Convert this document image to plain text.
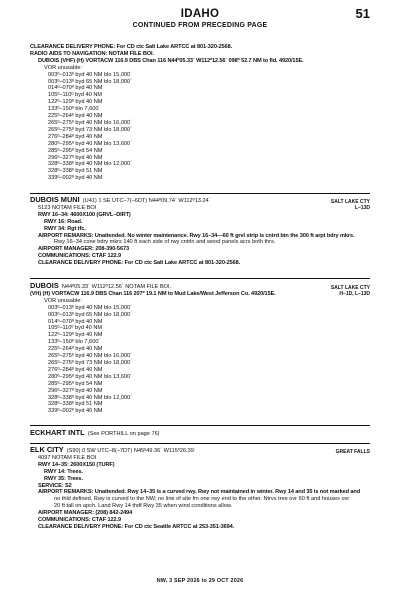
IDAHO	51
CONTINUED FROM PRECEDING PAGE
CLEARANCE DELIVERY PHONE: For CD ctc Salt Lake ARTCC at 801-320-2568.
RADIO AIDS TO NAVIGATION: NOTAM FILE BOI.
DUBOIS (VHF) (H) VORTACW 116.9 DBS Chan 116 N44º05.33´ W112º12.56´ 098º 52.7 NM to fld. 4920/15E.
VOR unusable:
003º–013º byd 40 NM blo 15,000´
003º–013º byd 65 NM blo 18,000´
014º–070º byd 40 NM
105º–110º byd 40 NM
122º–129º byd 40 NM
133º–150º blo 7,600´
225º–264º byd 40 NM
265º–275º byd 40 NM blo 16,000´
265º–275º byd 73 NM blo 18,000´
276º–284º byd 40 NM
280º–295º byd 40 NM blo 13,600´
285º–295º byd 54 NM
296º–327º byd 40 NM
328º–338º byd 40 NM blo 12,000´
328º–338º byd 51 NM
339º–002º byd 40 NM
DUBOIS MUNI (U41) 1 SE UTC–7(–6DT) N44º09.74´ W112º13.24´
5123 NOTAM FILE BOI
RWY 16–34: 4600X100 (GRVL–DIRT)
RWY 16: Road.
RWY 34: Rgt tfc.
AIRPORT REMARKS: Unattended. No winter maintenance. Rwy 16–34—60 ft grvl strip is cntrd btn the 300 ft arpt bdry mkrs.
Rwy 16–34 cone bdry mkrs 140 ft each side of rwy cntrln and wood panels acrs both thrs.
AIRPORT MANAGER: 208-390-5673
COMMUNICATIONS: CTAF 122.9
CLEARANCE DELIVERY PHONE: For CD ctc Salt Lake ARTCC at 801-320-2568.
SALT LAKE CTY
L–13D
DUBOIS N44º05.33´ W112º12.56´ NOTAM FILE BOI.
(VH) (H) VORTACW 116.9 DBS Chan 116 207º 19.1 NM to Mud Lake/West Jefferson Co. 4920/15E.
VOR unusable:
003º–013º byd 40 NM blo 15,000´
003º–013º byd 65 NM blo 18,000´
014º–070º byd 40 NM
105º–110º byd 40 NM
122º–129º byd 40 NM
133º–150º blo 7,600´
225º–264º byd 40 NM
265º–275º byd 40 NM blo 16,000´
265º–275º byd 73 NM blo 18,000´
276º–284º byd 40 NM
280º–295º byd 40 NM blo 13,600´
285º–295º byd 54 NM
296º–327º byd 40 NM
328º–338º byd 40 NM blo 12,000´
328º–338º byd 51 NM
339º–002º byd 40 NM
SALT LAKE CTY
H–1D, L–13D
ECKHART INTL (See PORTHILL on page 76)
ELK CITY (S90) 0 SW UTC–8(–7DT) N45º49.36´ W115º26.39´
4097 NOTAM FILE BOI
RWY 14–35: 2600X150 (TURF)
RWY 14: Trees.
RWY 35: Trees.
SERVICE: S2
AIRPORT REMARKS: Unattended. Rwy 14–35 is a curved rwy. Rwy not maintained in winter. Rwy 14 and 35 is not marked and
no thld defined. Rwy is curved to the NW; no line of site fm one rwy end to the other. Ntrvs tree ovr 60 ft and houses ovr
20 ft tall on apch. Land Rwy 14 thdf Rwy 35 when wind conditions allow.
AIRPORT MANAGER: (208) 842-2494
COMMUNICATIONS: CTAF 122.9
CLEARANCE DELIVERY PHONE: For CD ctc Seattle ARTCC at 253-351-3694.
GREAT FALLS
NW, 3 SEP 2026 to 29 OCT 2026
